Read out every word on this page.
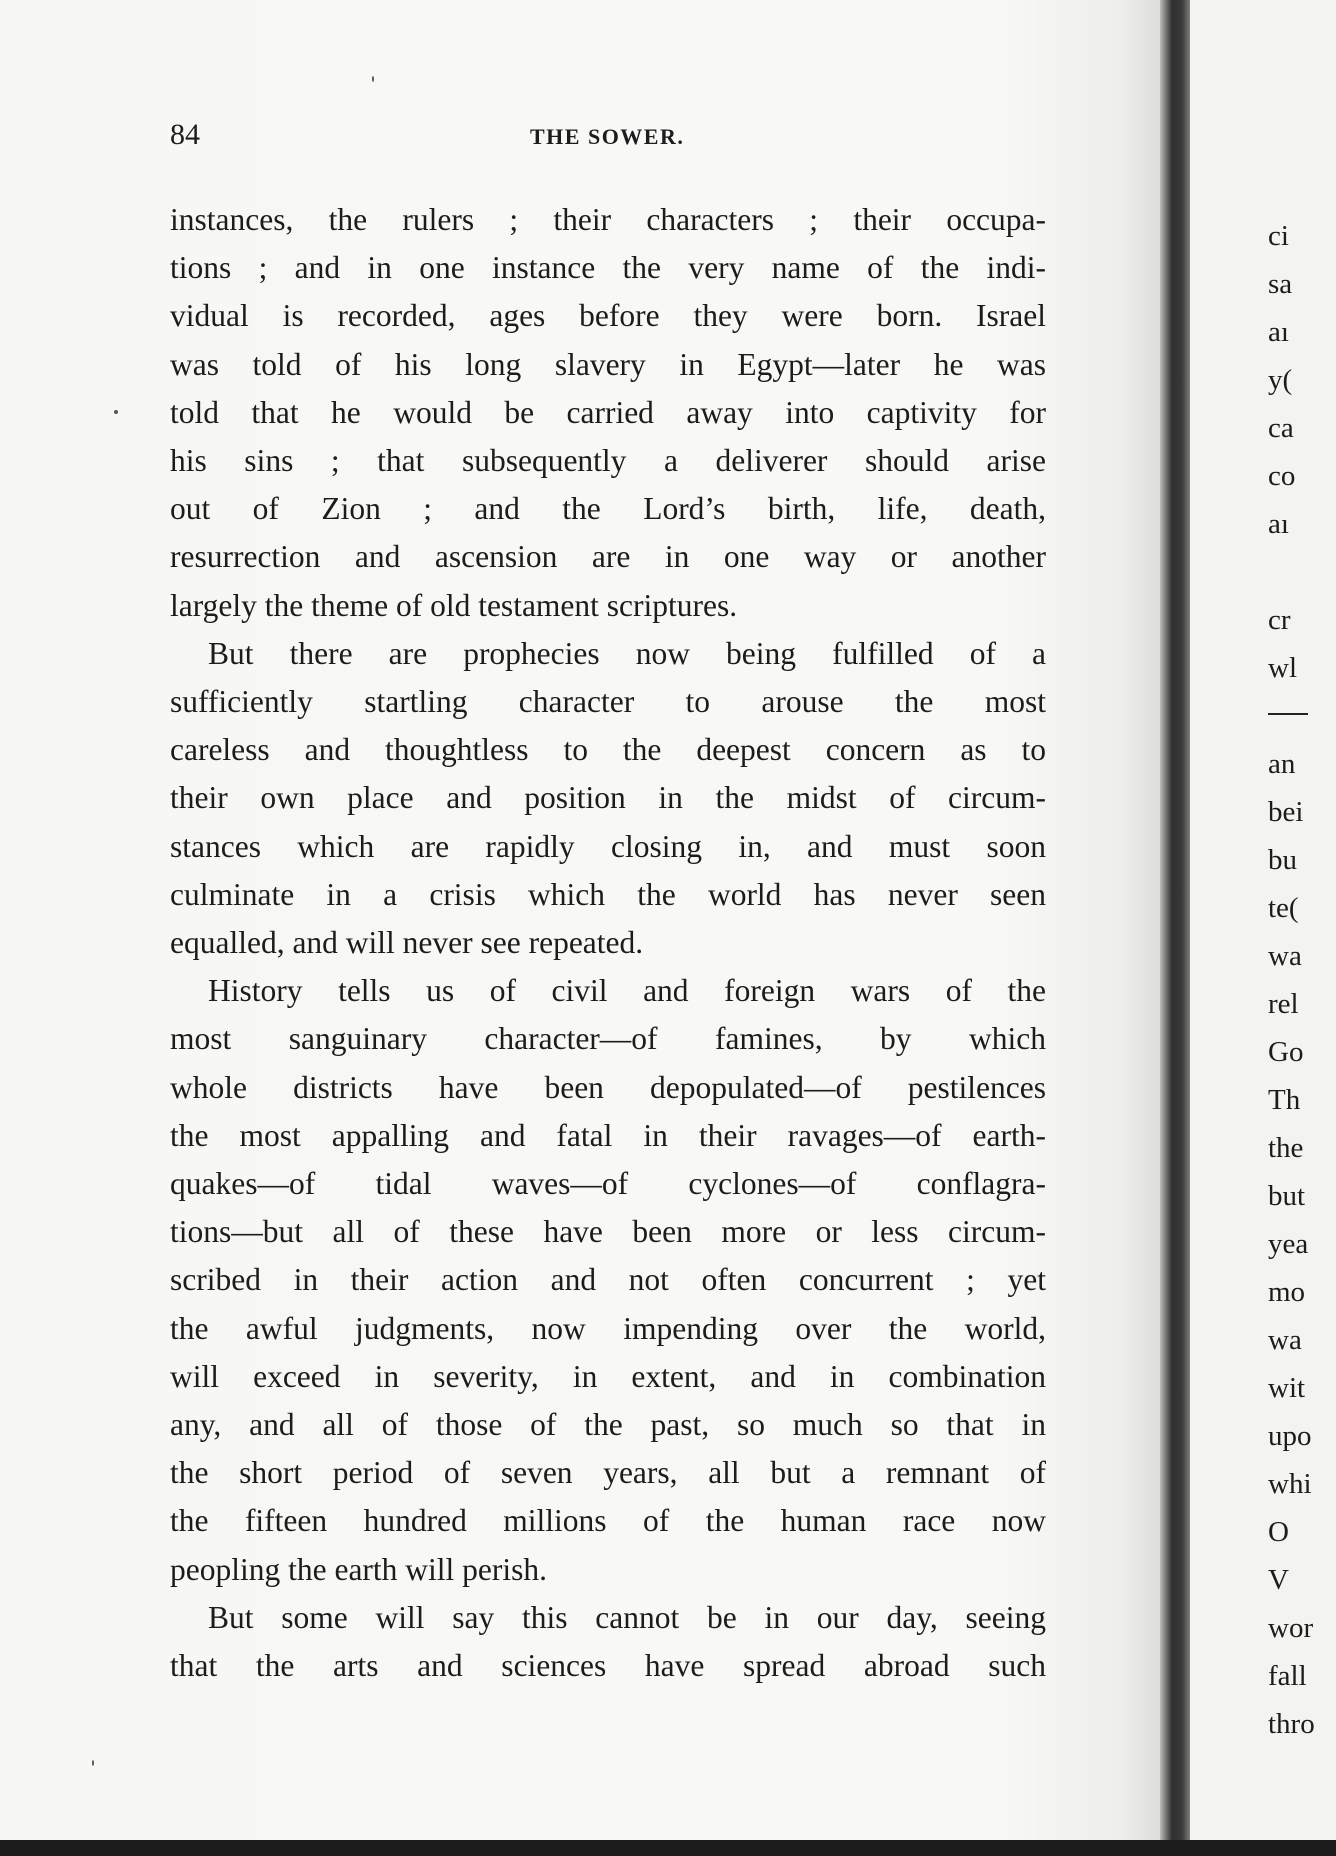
84	THE SOWER.
instances, the rulers ; their characters ; their occupa-
tions ; and in one instance the very name of the indi-
vidual is recorded, ages before they were born. Israel
was told of his long slavery in Egypt—later he was
told that he would be carried away into captivity for
his sins ; that subsequently a deliverer should arise
out of Zion ; and the Lord’s birth, life, death,
resurrection and ascension are in one way or another
largely the theme of old testament scriptures.
But there are prophecies now being fulfilled of a
sufficiently startling character to arouse the most
careless and thoughtless to the deepest concern as to
their own place and position in the midst of circum-
stances which are rapidly closing in, and must soon
culminate in a crisis which the world has never seen
equalled, and will never see repeated.
History tells us of civil and foreign wars of the
most sanguinary character—of famines, by which
whole districts have been depopulated—of pestilences
the most appalling and fatal in their ravages—of earth-
quakes—of tidal waves—of cyclones—of conflagra-
tions—but all of these have been more or less circum-
scribed in their action and not often concurrent ; yet
the awful judgments, now impending over the world,
will exceed in severity, in extent, and in combination
any, and all of those of the past, so much so that in
the short period of seven years, all but a remnant of
the fifteen hundred millions of the human race now
peopling the earth will perish.
But some will say this cannot be in our day, seeing
that the arts and sciences have spread abroad such
ci
sa
aı
y(
ca
co
aı
cr
wl
an
bei
bu
te(
wa
rel
Go
Th
the
but
yea
mo
wa
wit
upo
whi
O
V
wor
fall
thro
